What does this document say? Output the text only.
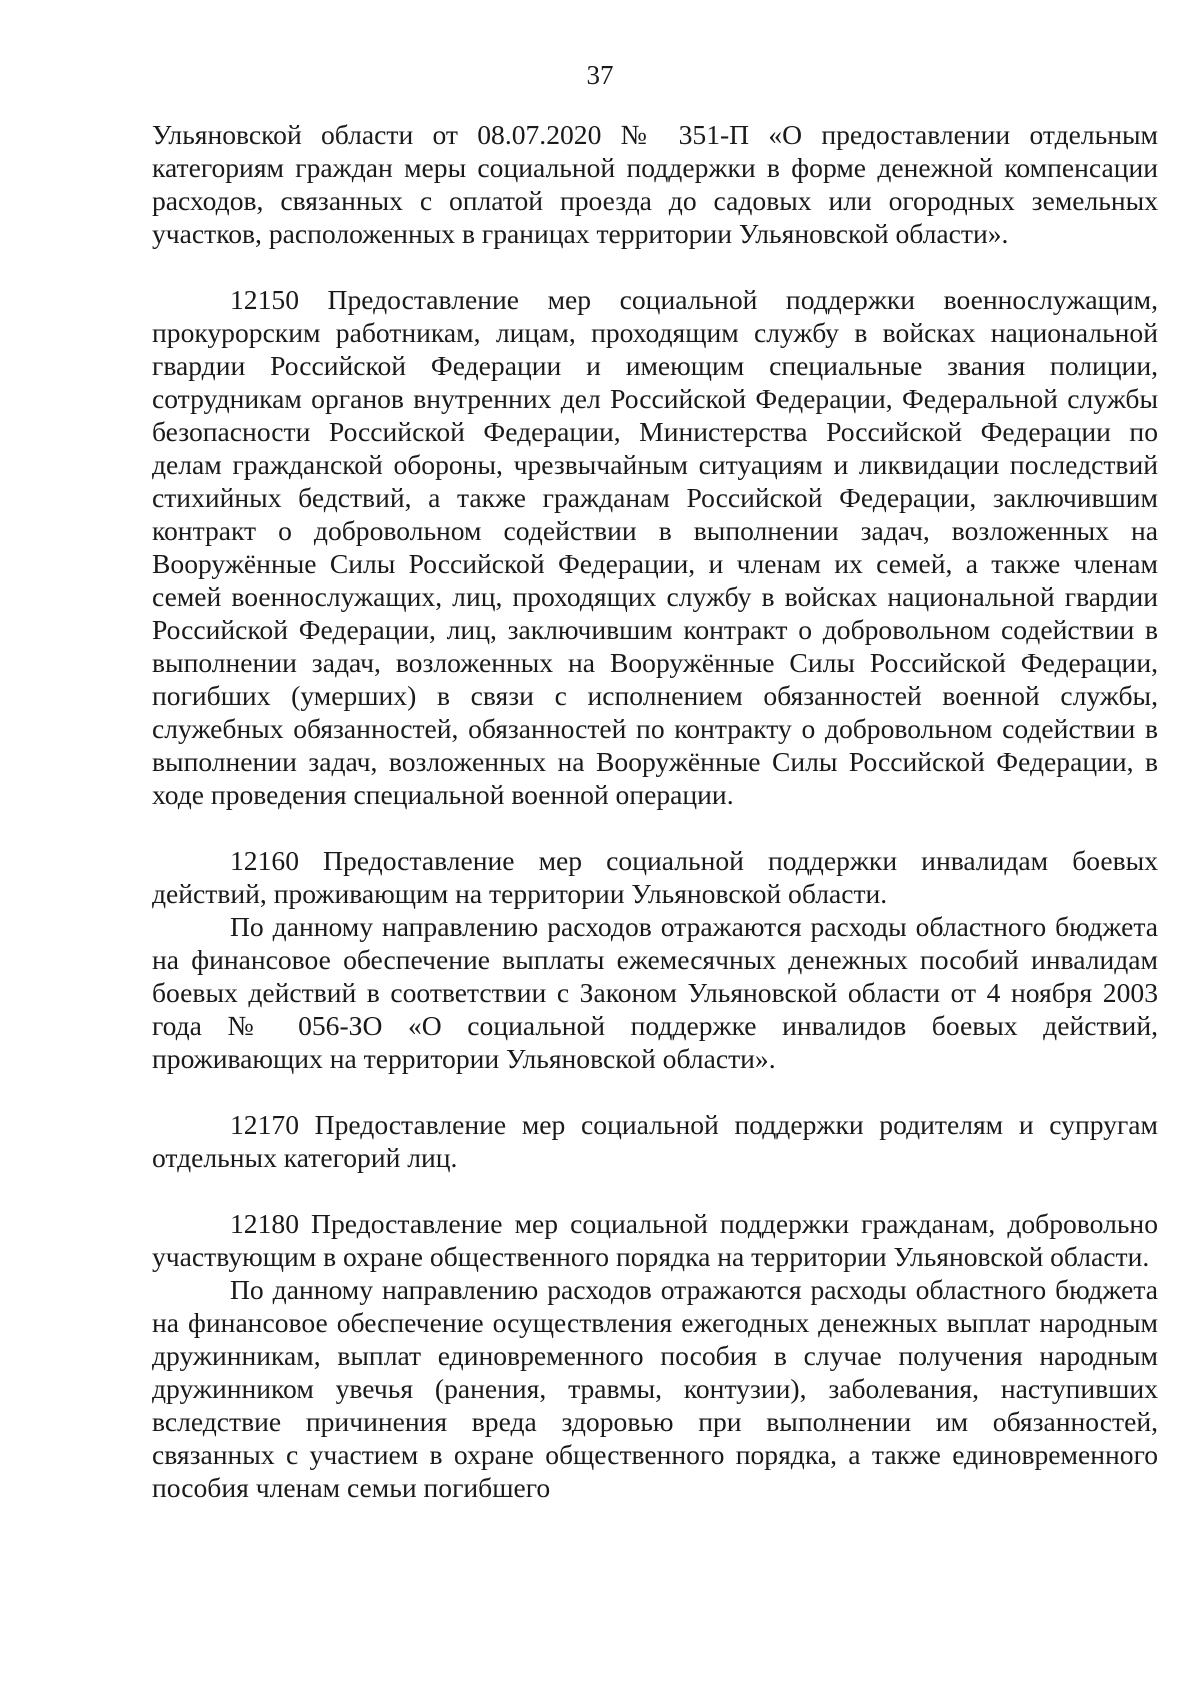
37

Ульяновской области от 08.07.2020 № 351-П «О предоставлении отдельным категориям граждан меры социальной поддержки в форме денежной компенсации расходов, связанных с оплатой проезда до садовых или огородных земельных участков, расположенных в границах территории Ульяновской области».

12150 Предоставление мер социальной поддержки военнослужащим, прокурорским работникам, лицам, проходящим службу в войсках национальной гвардии Российской Федерации и имеющим специальные звания полиции, сотрудникам органов внутренних дел Российской Федерации, Федеральной службы безопасности Российской Федерации, Министерства Российской Федерации по делам гражданской обороны, чрезвычайным ситуациям и ликвидации последствий стихийных бедствий, а также гражданам Российской Федерации, заключившим контракт о добровольном содействии в выполнении задач, возложенных на Вооружённые Силы Российской Федерации, и членам их семей, а также членам семей военнослужащих, лиц, проходящих службу в войсках национальной гвардии Российской Федерации, лиц, заключившим контракт о добровольном содействии в выполнении задач, возложенных на Вооружённые Силы Российской Федерации, погибших (умерших) в связи с исполнением обязанностей военной службы, служебных обязанностей, обязанностей по контракту о добровольном содействии в выполнении задач, возложенных на Вооружённые Силы Российской Федерации, в ходе проведения специальной военной операции.

12160 Предоставление мер социальной поддержки инвалидам боевых действий, проживающим на территории Ульяновской области.

По данному направлению расходов отражаются расходы областного бюджета на финансовое обеспечение выплаты ежемесячных денежных пособий инвалидам боевых действий в соответствии с Законом Ульяновской области от 4 ноября 2003 года № 056-ЗО «О социальной поддержке инвалидов боевых действий, проживающих на территории Ульяновской области».

12170 Предоставление мер социальной поддержки родителям и супругам отдельных категорий лиц.

12180 Предоставление мер социальной поддержки гражданам, добровольно участвующим в охране общественного порядка на территории Ульяновской области.

По данному направлению расходов отражаются расходы областного бюджета на финансовое обеспечение осуществления ежегодных денежных выплат народным дружинникам, выплат единовременного пособия в случае получения народным дружинником увечья (ранения, травмы, контузии), заболевания, наступивших вследствие причинения вреда здоровью при выполнении им обязанностей, связанных с участием в охране общественного порядка, а также единовременного пособия членам семьи погибшего
